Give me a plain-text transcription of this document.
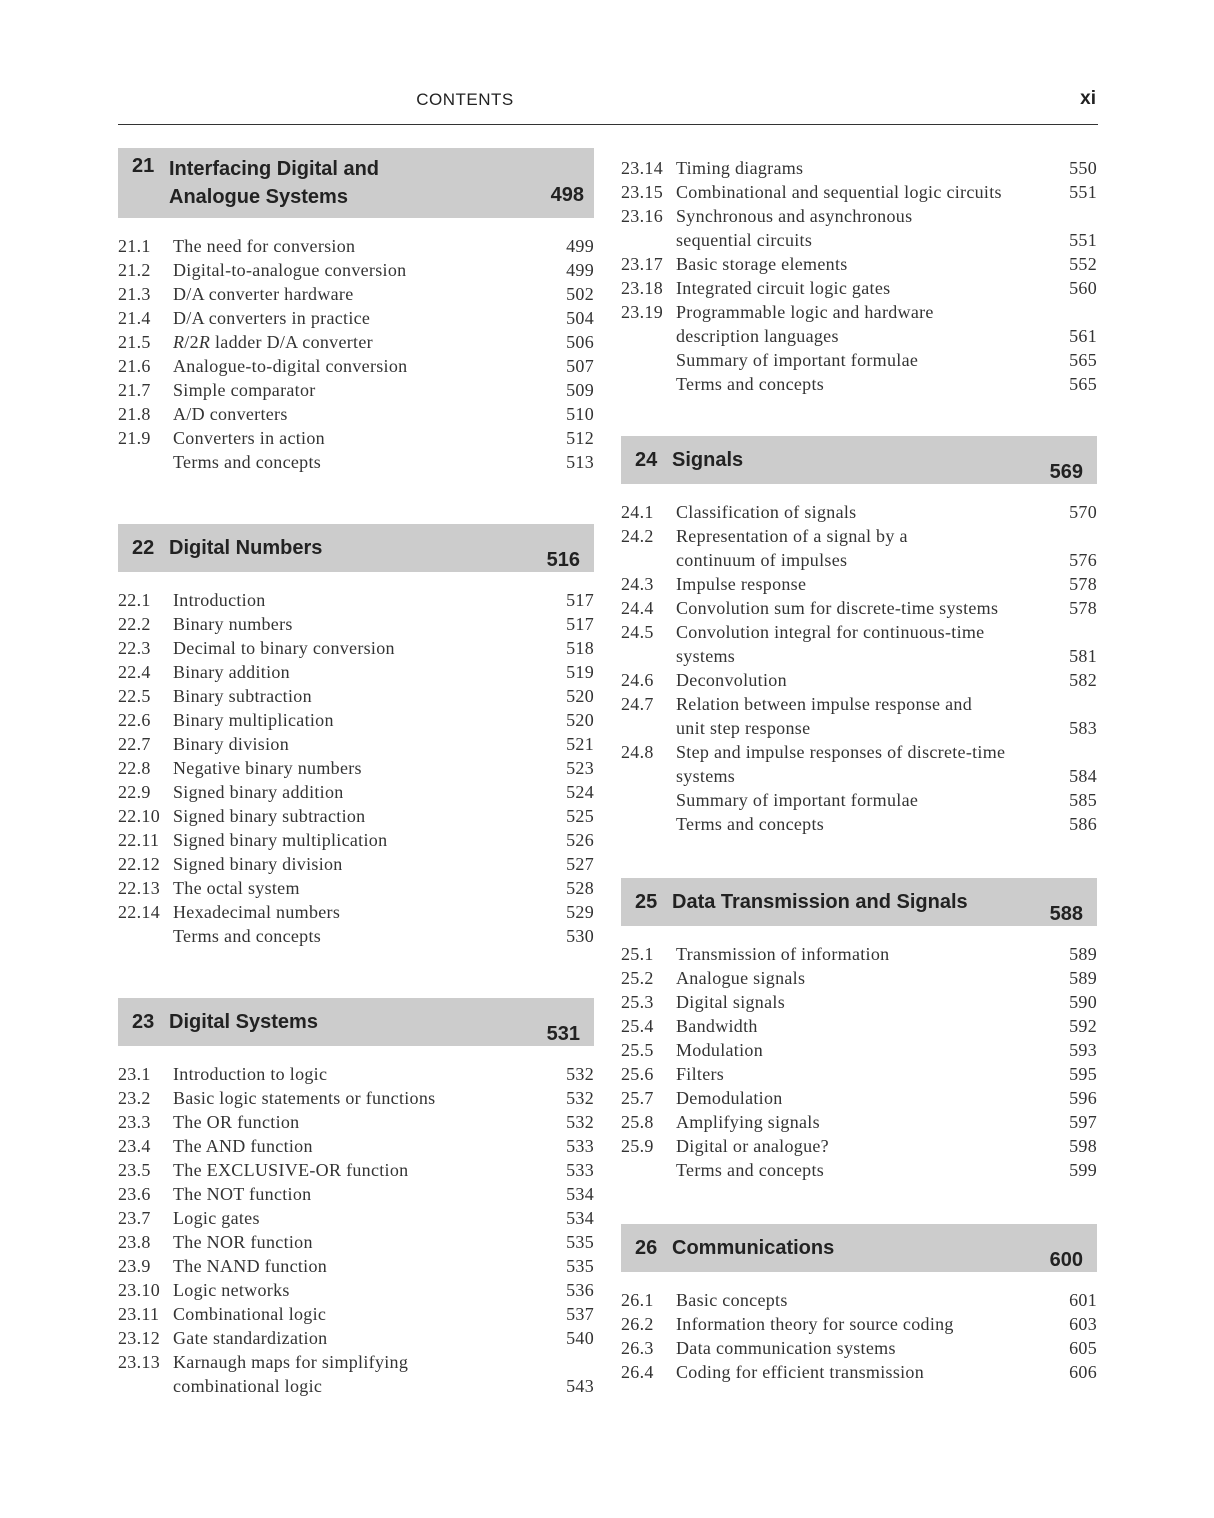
CONTENTS	xi
21 Interfacing Digital and
Analogue Systems	498
21.1	The need for conversion	499
21.2	Digital-to-analogue conversion	499
21.3	D/A converter hardware	502
21.4	D/A converters in practice	504
21.5	R/2R ladder D/A converter	506
21.6	Analogue-to-digital conversion	507
21.7	Simple comparator	509
21.8	A/D converters	510
21.9	Converters in action	512
Terms and concepts	513
22 Digital Numbers
516
22.1	Introduction	517
22.2	Binary numbers	517
22.3	Decimal to binary conversion	518
22.4	Binary addition	519
22.5	Binary subtraction	520
22.6	Binary multiplication	520
22.7	Binary division	521
22.8	Negative binary numbers	523
22.9	Signed binary addition	524
22.10 Signed binary subtraction	525
22.11 Signed binary multiplication	526
22.12 Signed binary division	527
22.13 The octal system	528
22.14 Hexadecimal numbers	529
Terms and concepts	530
23 Digital Systems
531
23.1	Introduction to logic	532
23.2	Basic logic statements or functions	532
23.3	The OR function	532
23.4	The AND function	533
23.5	The EXCLUSIVE-OR function	533
23.6	The NOT function	534
23.7	Logic gates	534
23.8	The NOR function	535
23.9	The NAND function	535
23.10 Logic networks	536
23.11 Combinational logic	537
23.12 Gate standardization	540
23.13 Karnaugh maps for simplifying
combinational logic	543
23.14 Timing diagrams	550
23.15 Combinational and sequential logic circuits	551
23.16 Synchronous and asynchronous
sequential circuits	551
23.17 Basic storage elements	552
23.18 Integrated circuit logic gates	560
23.19 Programmable logic and hardware
description languages	561
Summary of important formulae	565
Terms and concepts	565
24 Signals
569
24.1	Classification of signals	570
24.2	Representation of a signal by a
continuum of impulses	576
24.3	Impulse response	578
24.4	Convolution sum for discrete-time systems	578
24.5	Convolution integral for continuous-time
systems	581
24.6	Deconvolution	582
24.7	Relation between impulse response and
unit step response	583
24.8	Step and impulse responses of discrete-time
systems	584
Summary of important formulae	585
Terms and concepts	586
25 Data Transmission and Signals
588
25.1	Transmission of information	589
25.2	Analogue signals	589
25.3	Digital signals	590
25.4	Bandwidth	592
25.5	Modulation	593
25.6	Filters	595
25.7	Demodulation	596
25.8	Amplifying signals	597
25.9	Digital or analogue?	598
Terms and concepts	599
26 Communications
600
26.1	Basic concepts	601
26.2	Information theory for source coding	603
26.3	Data communication systems	605
26.4	Coding for efficient transmission	606
